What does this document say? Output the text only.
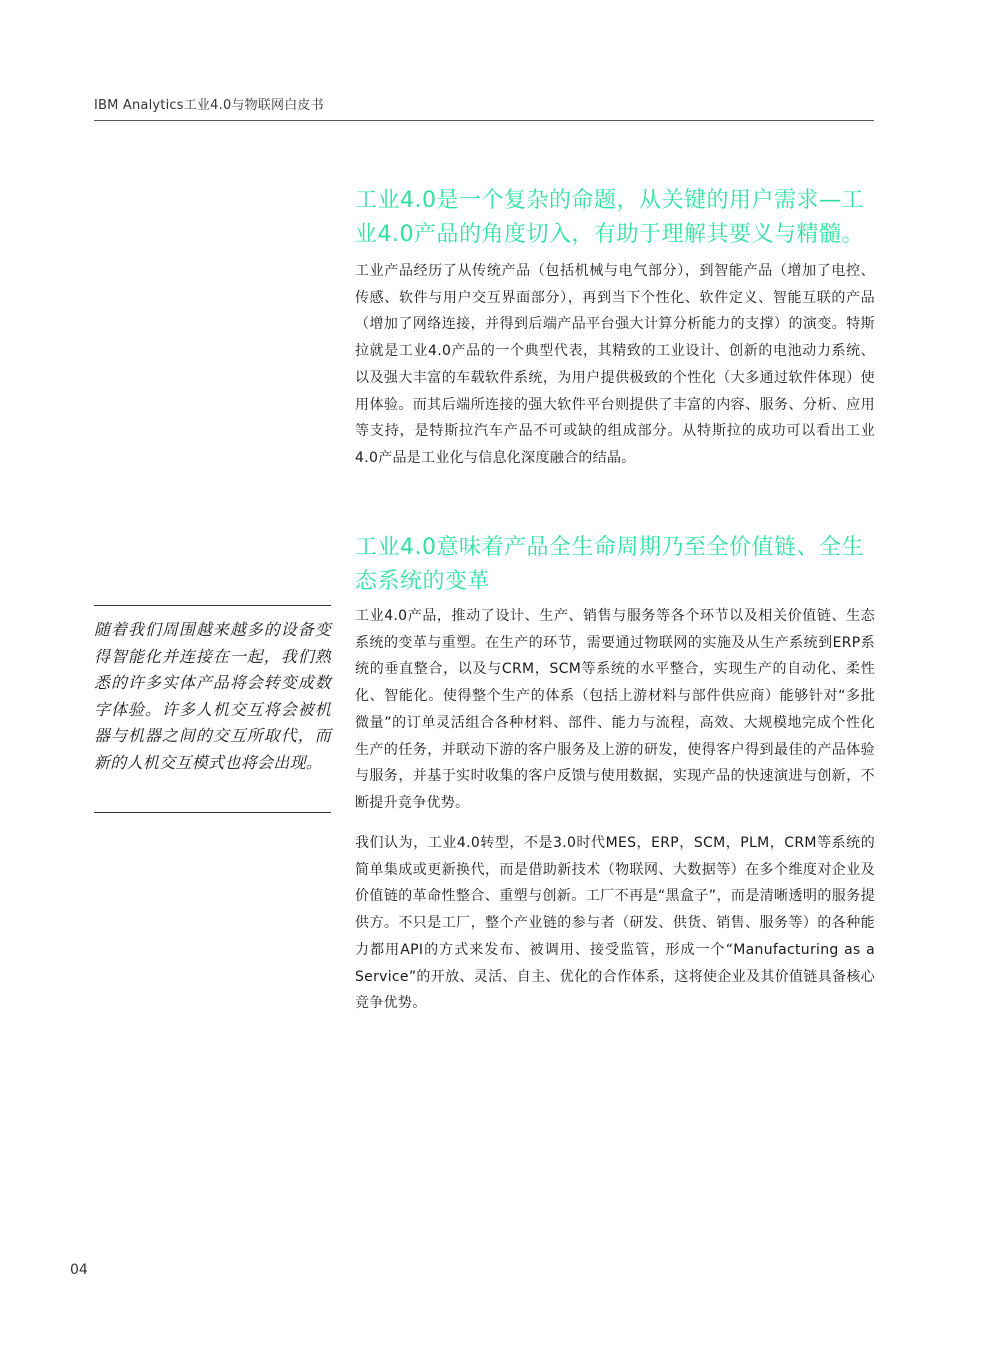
IBM Analytics工业4.0与物联网白皮书
工业4.0是一个复杂的命题，从关键的用户需求—工业4.0产品的角度切入，有助于理解其要义与精髓。

工业产品经历了从传统产品（包括机械与电气部分），到智能产品（增加了电控、传感、软件与用户交互界面部分），再到当下个性化、软件定义、智能互联的产品（增加了网络连接，并得到后端产品平台强大计算分析能力的支撑）的演变。特斯拉就是工业4.0产品的一个典型代表，其精致的工业设计、创新的电池动力系统、以及强大丰富的车载软件系统，为用户提供极致的个性化（大多通过软件体现）使用体验。而其后端所连接的强大软件平台则提供了丰富的内容、服务、分析、应用等支持，是特斯拉汽车产品不可或缺的组成部分。从特斯拉的成功可以看出工业4.0产品是工业化与信息化深度融合的结晶。

工业4.0意味着产品全生命周期乃至全价值链、全生态系统的变革

工业4.0产品，推动了设计、生产、销售与服务等各个环节以及相关价值链、生态系统的变革与重塑。在生产的环节，需要通过物联网的实施及从生产系统到ERP系统的垂直整合，以及与CRM，SCM等系统的水平整合，实现生产的自动化、柔性化、智能化。使得整个生产的体系（包括上游材料与部件供应商）能够针对“多批微量”的订单灵活组合各种材料、部件、能力与流程，高效、大规模地完成个性化生产的任务，并联动下游的客户服务及上游的研发，使得客户得到最佳的产品体验与服务，并基于实时收集的客户反馈与使用数据，实现产品的快速演进与创新，不断提升竞争优势。

我们认为，工业4.0转型，不是3.0时代MES，ERP，SCM，PLM，CRM等系统的简单集成或更新换代，而是借助新技术（物联网、大数据等）在多个维度对企业及价值链的革命性整合、重塑与创新。工厂不再是“黑盒子”，而是清晰透明的服务提供方。不只是工厂，整个产业链的参与者（研发、供货、销售、服务等）的各种能力都用API的方式来发布、被调用、接受监管，形成一个“Manufacturing as a Service”的开放、灵活、自主、优化的合作体系，这将使企业及其价值链具备核心竞争优势。

随着我们周围越来越多的设备变得智能化并连接在一起，我们熟悉的许多实体产品将会转变成数字体验。许多人机交互将会被机器与机器之间的交互所取代，而新的人机交互模式也将会出现。

04
